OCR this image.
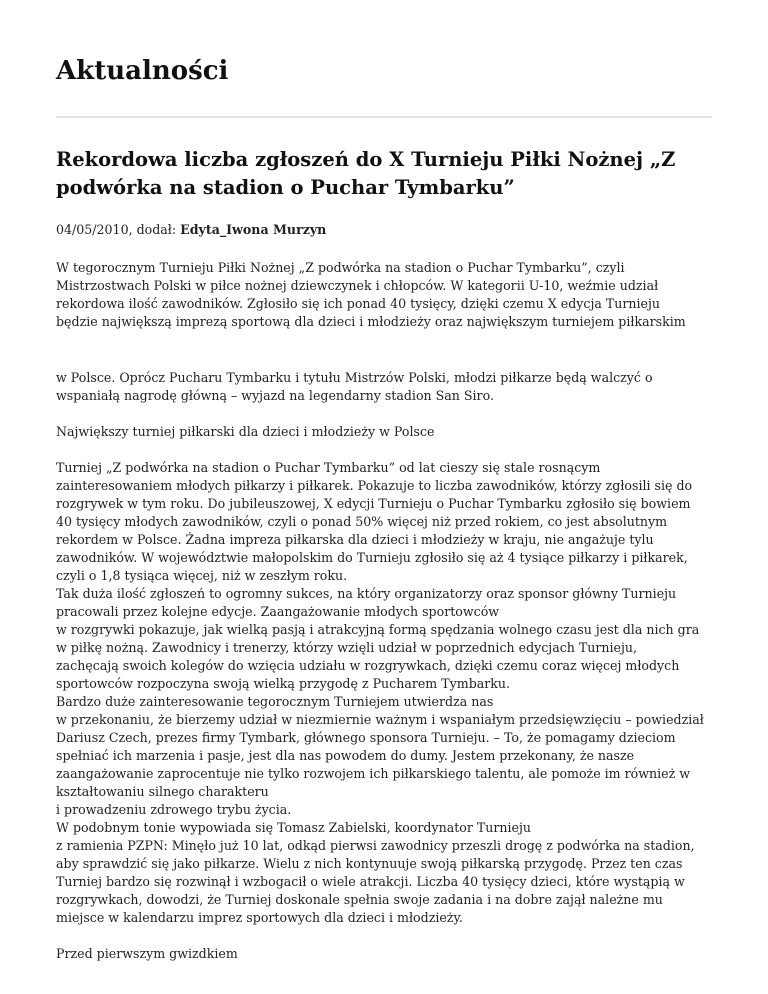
Aktualności
Rekordowa liczba zgłoszeń do X Turnieju Piłki Nożnej „Z
podwórka na stadion o Puchar Tymbarku”
04/05/2010, dodał: Edyta_Iwona Murzyn

W tegorocznym Turnieju Piłki Nożnej „Z podwórka na stadion o Puchar Tymbarku”, czyli
Mistrzostwach Polski w piłce nożnej dziewczynek i chłopców. W kategorii U-10, weźmie udział
rekordowa ilość zawodników. Zgłosiło się ich ponad 40 tysięcy, dzięki czemu X edycja Turnieju
będzie największą imprezą sportową dla dzieci i młodzieży oraz największym turniejem piłkarskim

w Polsce. Oprócz Pucharu Tymbarku i tytułu Mistrzów Polski, młodzi piłkarze będą walczyć o
wspaniałą nagrodę główną – wyjazd na legendarny stadion San Siro.

Największy turniej piłkarski dla dzieci i młodzieży w Polsce

Turniej „Z podwórka na stadion o Puchar Tymbarku” od lat cieszy się stale rosnącym
zainteresowaniem młodych piłkarzy i piłkarek. Pokazuje to liczba zawodników, którzy zgłosili się do
rozgrywek w tym roku. Do jubileuszowej, X edycji Turnieju o Puchar Tymbarku zgłosiło się bowiem
40 tysięcy młodych zawodników, czyli o ponad 50% więcej niż przed rokiem, co jest absolutnym
rekordem w Polsce. Żadna impreza piłkarska dla dzieci i młodzieży w kraju, nie angażuje tylu
zawodników. W województwie małopolskim do Turnieju zgłosiło się aż 4 tysiące piłkarzy i piłkarek,
czyli o 1,8 tysiąca więcej, niż w zeszłym roku.
Tak duża ilość zgłoszeń to ogromny sukces, na który organizatorzy oraz sponsor główny Turnieju
pracowali przez kolejne edycje. Zaangażowanie młodych sportowców
w rozgrywki pokazuje, jak wielką pasją i atrakcyjną formą spędzania wolnego czasu jest dla nich gra
w piłkę nożną. Zawodnicy i trenerzy, którzy wzięli udział w poprzednich edycjach Turnieju,
zachęcają swoich kolegów do wzięcia udziału w rozgrywkach, dzięki czemu coraz więcej młodych
sportowców rozpoczyna swoją wielką przygodę z Pucharem Tymbarku.
Bardzo duże zainteresowanie tegorocznym Turniejem utwierdza nas
w przekonaniu, że bierzemy udział w niezmiernie ważnym i wspaniałym przedsięwzięciu – powiedział
Dariusz Czech, prezes firmy Tymbark, głównego sponsora Turnieju. – To, że pomagamy dzieciom
spełniać ich marzenia i pasje, jest dla nas powodem do dumy. Jestem przekonany, że nasze
zaangażowanie zaprocentuje nie tylko rozwojem ich piłkarskiego talentu, ale pomoże im również w
kształtowaniu silnego charakteru
i prowadzeniu zdrowego trybu życia.
W podobnym tonie wypowiada się Tomasz Zabielski, koordynator Turnieju
z ramienia PZPN: Minęło już 10 lat, odkąd pierwsi zawodnicy przeszli drogę z podwórka na stadion,
aby sprawdzić się jako piłkarze. Wielu z nich kontynuuje swoją piłkarską przygodę. Przez ten czas
Turniej bardzo się rozwinął i wzbogacił o wiele atrakcji. Liczba 40 tysięcy dzieci, które wystąpią w
rozgrywkach, dowodzi, że Turniej doskonale spełnia swoje zadania i na dobre zajął należne mu
miejsce w kalendarzu imprez sportowych dla dzieci i młodzieży.

Przed pierwszym gwizdkiem
